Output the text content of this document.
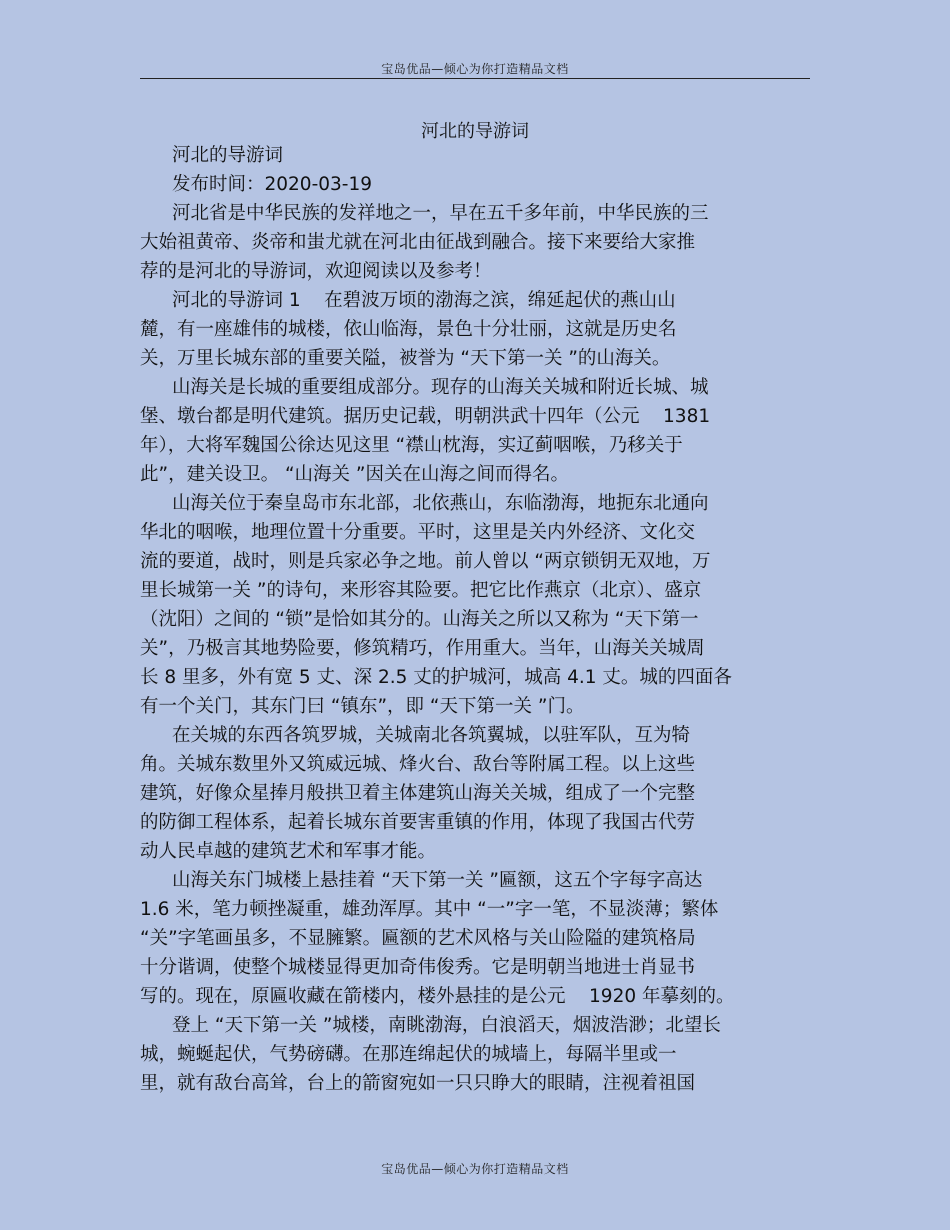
宝岛优品—倾心为你打造精品文档
河北的导游词
河北的导游词
发布时间：2020-03-19
河北省是中华民族的发祥地之一，早在五千多年前，中华民族的三
大始祖黄帝、炎帝和蚩尤就在河北由征战到融合。接下来要给大家推
荐的是河北的导游词，欢迎阅读以及参考！
河北的导游词 1    在碧波万顷的渤海之滨，绵延起伏的燕山山
麓，有一座雄伟的城楼，依山临海，景色十分壮丽，这就是历史名
关，万里长城东部的重要关隘，被誉为 “天下第一关 ”的山海关。
山海关是长城的重要组成部分。现存的山海关关城和附近长城、城
堡、墩台都是明代建筑。据历史记载，明朝洪武十四年（公元    1381
年），大将军魏国公徐达见这里 “襟山枕海，实辽蓟咽喉，乃移关于
此”，建关设卫。 “山海关 ”因关在山海之间而得名。
山海关位于秦皇岛市东北部，北依燕山，东临渤海，地扼东北通向
华北的咽喉，地理位置十分重要。平时，这里是关内外经济、文化交
流的要道，战时，则是兵家必争之地。前人曾以 “两京锁钥无双地，万
里长城第一关 ”的诗句，来形容其险要。把它比作燕京（北京）、盛京
（沈阳）之间的 “锁”是恰如其分的。山海关之所以又称为 “天下第一
关”，乃极言其地势险要，修筑精巧，作用重大。当年，山海关关城周
长 8 里多，外有宽 5 丈、深 2.5 丈的护城河，城高 4.1 丈。城的四面各
有一个关门，其东门曰 “镇东”，即 “天下第一关 ”门。
在关城的东西各筑罗城，关城南北各筑翼城，以驻军队，互为犄
角。关城东数里外又筑威远城、烽火台、敌台等附属工程。以上这些
建筑，好像众星捧月般拱卫着主体建筑山海关关城，组成了一个完整
的防御工程体系，起着长城东首要害重镇的作用，体现了我国古代劳
动人民卓越的建筑艺术和军事才能。
山海关东门城楼上悬挂着 “天下第一关 ”匾额，这五个字每字高达
1.6 米，笔力顿挫凝重，雄劲浑厚。其中 “一”字一笔，不显淡薄；繁体
“关”字笔画虽多，不显臃繁。匾额的艺术风格与关山险隘的建筑格局
十分谐调，使整个城楼显得更加奇伟俊秀。它是明朝当地进士肖显书
写的。现在，原匾收藏在箭楼内，楼外悬挂的是公元    1920 年摹刻的。
登上 “天下第一关 ”城楼，南眺渤海，白浪滔天，烟波浩渺；北望长
城，蜿蜒起伏，气势磅礴。在那连绵起伏的城墙上，每隔半里或一
里，就有敌台高耸，台上的箭窗宛如一只只睁大的眼睛，注视着祖国
宝岛优品—倾心为你打造精品文档
